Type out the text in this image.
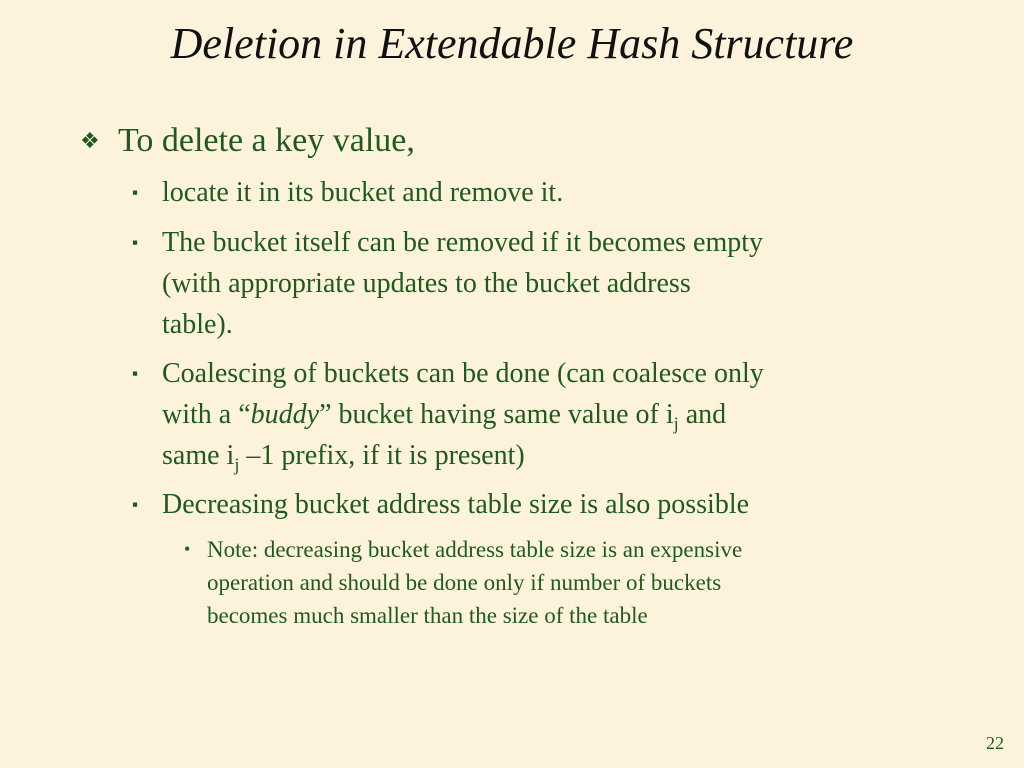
Deletion in Extendable Hash Structure
❖ To delete a key value,
▪ locate it in its bucket and remove it.
▪ The bucket itself can be removed if it becomes empty
(with appropriate updates to the bucket address
table).
▪ Coalescing of buckets can be done (can coalesce only
with a “buddy” bucket having same value of $i_j$ and
same $i_j$ –1 prefix, if it is present)
▪ Decreasing bucket address table size is also possible
• Note: decreasing bucket address table size is an expensive
operation and should be done only if number of buckets
becomes much smaller than the size of the table
22
